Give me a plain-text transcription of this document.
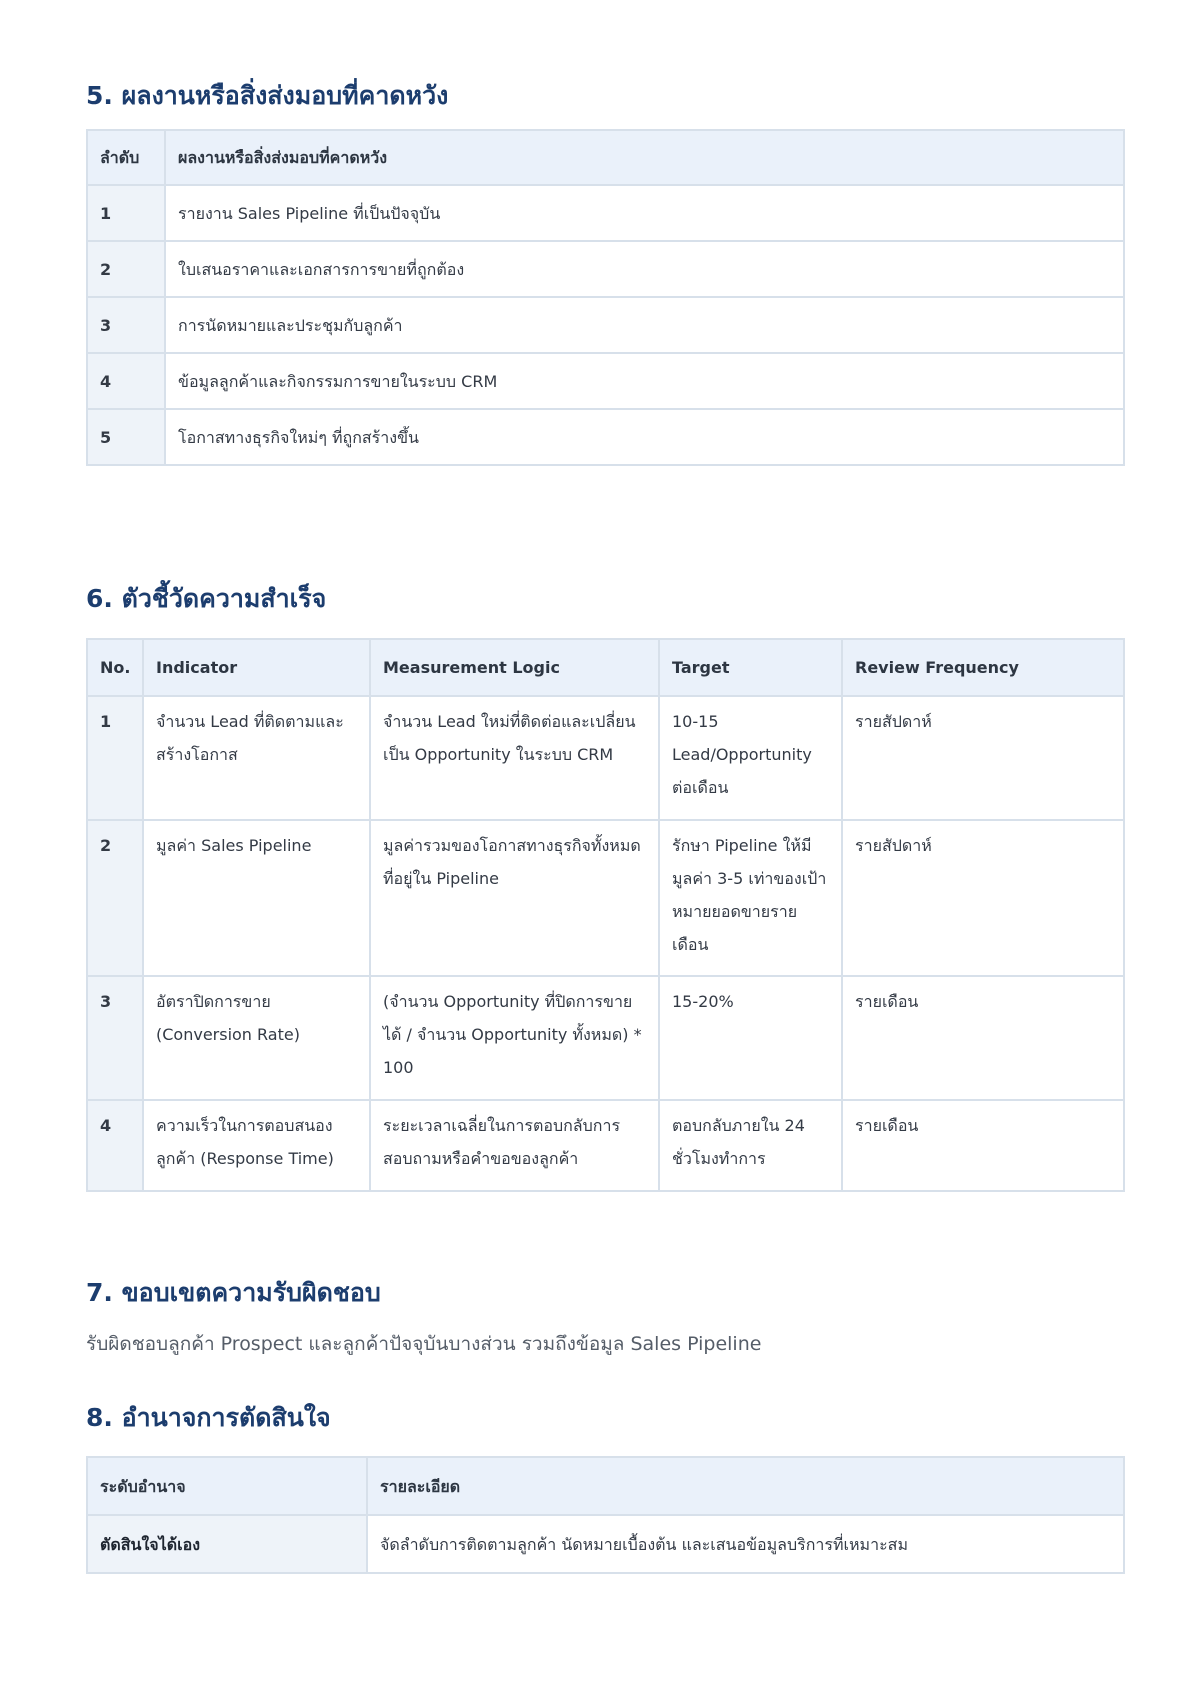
5. ผลงานหรือสิ่งส่งมอบที่คาดหวัง
ลำดับ	ผลงานหรือสิ่งส่งมอบที่คาดหวัง
1	รายงาน Sales Pipeline ที่เป็นปัจจุบัน
2	ใบเสนอราคาและเอกสารการขายที่ถูกต้อง
3	การนัดหมายและประชุมกับลูกค้า
4	ข้อมูลลูกค้าและกิจกรรมการขายในระบบ CRM
5	โอกาสทางธุรกิจใหม่ๆ ที่ถูกสร้างขึ้น
6. ตัวชี้วัดความสำเร็จ
No.	Indicator	Measurement Logic	Target	Review Frequency
1	จำนวน Lead ที่ติดตามและสร้างโอกาส	จำนวน Lead ใหม่ที่ติดต่อและเปลี่ยนเป็น Opportunity ในระบบ CRM	10-15 Lead/Opportunity ต่อเดือน	รายสัปดาห์
2	มูลค่า Sales Pipeline	มูลค่ารวมของโอกาสทางธุรกิจทั้งหมดที่อยู่ใน Pipeline	รักษา Pipeline ให้มีมูลค่า 3-5 เท่าของเป้าหมายยอดขายรายเดือน	รายสัปดาห์
3	อัตราปิดการขาย (Conversion Rate)	(จำนวน Opportunity ที่ปิดการขายได้ / จำนวน Opportunity ทั้งหมด) * 100	15-20%	รายเดือน
4	ความเร็วในการตอบสนองลูกค้า (Response Time)	ระยะเวลาเฉลี่ยในการตอบกลับการสอบถามหรือคำขอของลูกค้า	ตอบกลับภายใน 24 ชั่วโมงทำการ	รายเดือน
7. ขอบเขตความรับผิดชอบ
รับผิดชอบลูกค้า Prospect และลูกค้าปัจจุบันบางส่วน รวมถึงข้อมูล Sales Pipeline
8. อำนาจการตัดสินใจ
ระดับอำนาจ	รายละเอียด
ตัดสินใจได้เอง	จัดลำดับการติดตามลูกค้า นัดหมายเบื้องต้น และเสนอข้อมูลบริการที่เหมาะสม
